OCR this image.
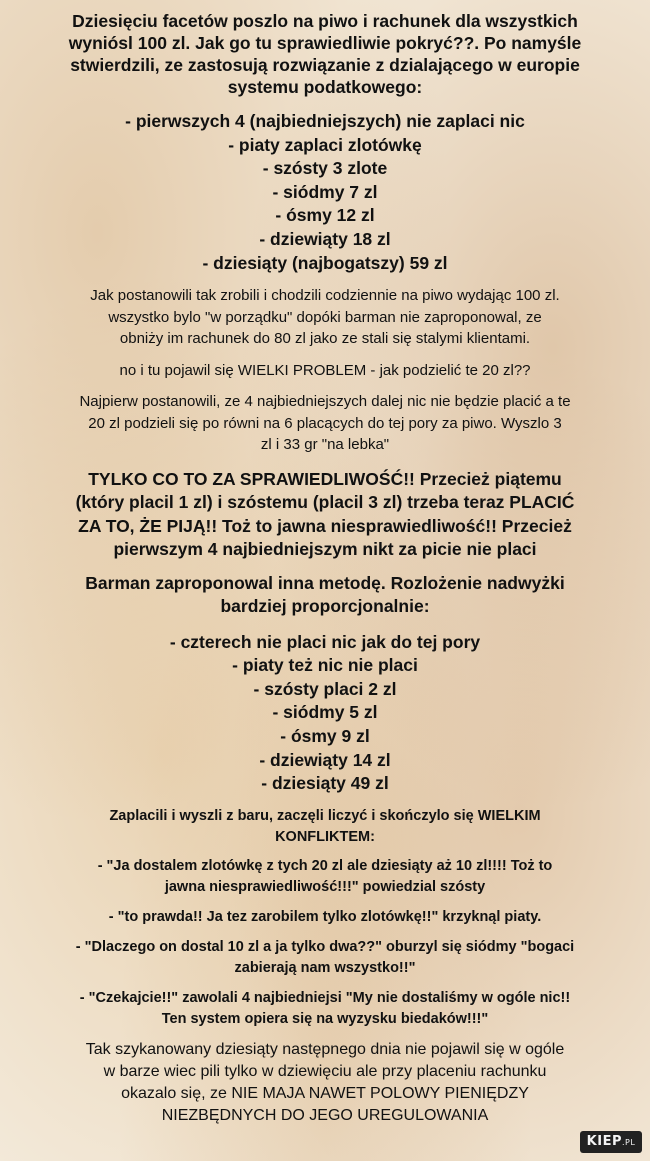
Dziesięciu facetów poszlo na piwo i rachunek dla wszystkich
wyniósl 100 zl. Jak go tu sprawiedliwie pokryć??. Po namyśle
stwierdzili, ze zastosują rozwiązanie z dzialającego w europie
systemu podatkowego:
- pierwszych 4 (najbiedniejszych) nie zaplaci nic
- piaty zaplaci zlotówkę
- szósty 3 zlote
- siódmy 7 zl
- ósmy 12 zl
- dziewiąty 18 zl
- dziesiąty (najbogatszy) 59 zl
Jak postanowili tak zrobili i chodzili codziennie na piwo wydając 100 zl.
wszystko bylo "w porządku" dopóki barman nie zaproponowal, ze
obniży im rachunek do 80 zl jako ze stali się stalymi klientami.
no i tu pojawil się WIELKI PROBLEM - jak podzielić te 20 zl??
Najpierw postanowili, ze 4 najbiedniejszych dalej nic nie będzie placić a te
20 zl podzieli się po równi na 6 placących do tej pory za piwo. Wyszlo 3
zl i 33 gr "na lebka"
TYLKO CO TO ZA SPRAWIEDLIWOŚĆ!! Przecież piątemu
(który placil 1 zl) i szóstemu (placil 3 zl) trzeba teraz PLACIĆ
ZA TO, ŻE PIJĄ!! Toż to jawna niesprawiedliwość!! Przecież
pierwszym 4 najbiedniejszym nikt za picie nie placi
Barman zaproponowal inna metodę. Rozlożenie nadwyżki
bardziej proporcjonalnie:
- czterech nie placi nic jak do tej pory
- piaty też nic nie placi
- szósty placi 2 zl
- siódmy 5 zl
- ósmy 9 zl
- dziewiąty 14 zl
- dziesiąty 49 zl
Zaplacili i wyszli z baru, zaczęli liczyć i skończylo się WIELKIM
KONFLIKTEM:
- "Ja dostalem zlotówkę z tych 20 zl ale dziesiąty aż 10 zl!!!! Toż to
jawna niesprawiedliwość!!!" powiedzial szósty
- "to prawda!! Ja tez zarobilem tylko zlotówkę!!" krzyknąl piaty.
- "Dlaczego on dostal 10 zl a ja tylko dwa??" oburzyl się siódmy "bogaci
zabierają nam wszystko!!"
- "Czekajcie!!" zawolali 4 najbiedniejsi "My nie dostaliśmy w ogóle nic!!
Ten system opiera się na wyzysku biedaków!!!"
Tak szykanowany dziesiąty następnego dnia nie pojawil się w ogóle
w barze wiec pili tylko w dziewięciu ale przy placeniu rachunku
okazalo się, ze NIE MAJA NAWET POLOWY PIENIĘDZY
NIEZBĘDNYCH DO JEGO UREGULOWANIA
KIEP.PL
